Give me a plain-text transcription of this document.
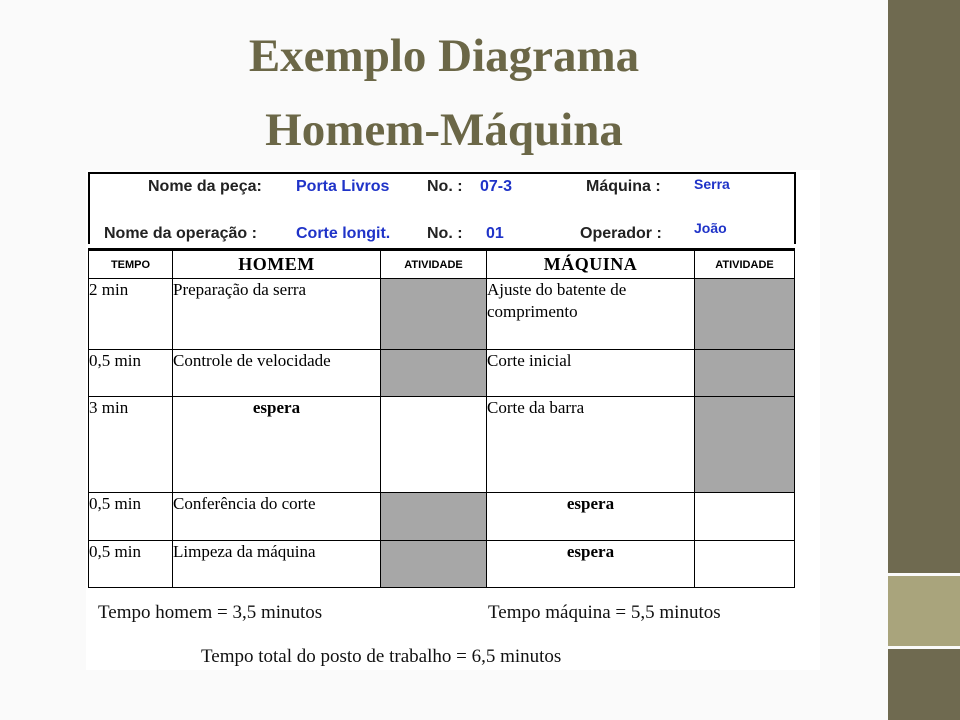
Exemplo Diagrama
Homem-Máquina
Nome da peça: Porta Livros No. : 07-3	Máquina : Serra
Nome da operação : Corte longit. No. : 01	Operador : João
TEMPO	HOMEM	ATIVIDADE	MÁQUINA	ATIVIDADE
2 min	Preparação da serra		Ajuste do batente de comprimento	
0,5 min	Controle de velocidade		Corte inicial	
3 min	espera		Corte da barra	
0,5 min	Conferência do corte		espera	
0,5 min	Limpeza da máquina		espera	
Tempo homem = 3,5 minutos	Tempo máquina = 5,5 minutos
Tempo total do posto de trabalho = 6,5 minutos
